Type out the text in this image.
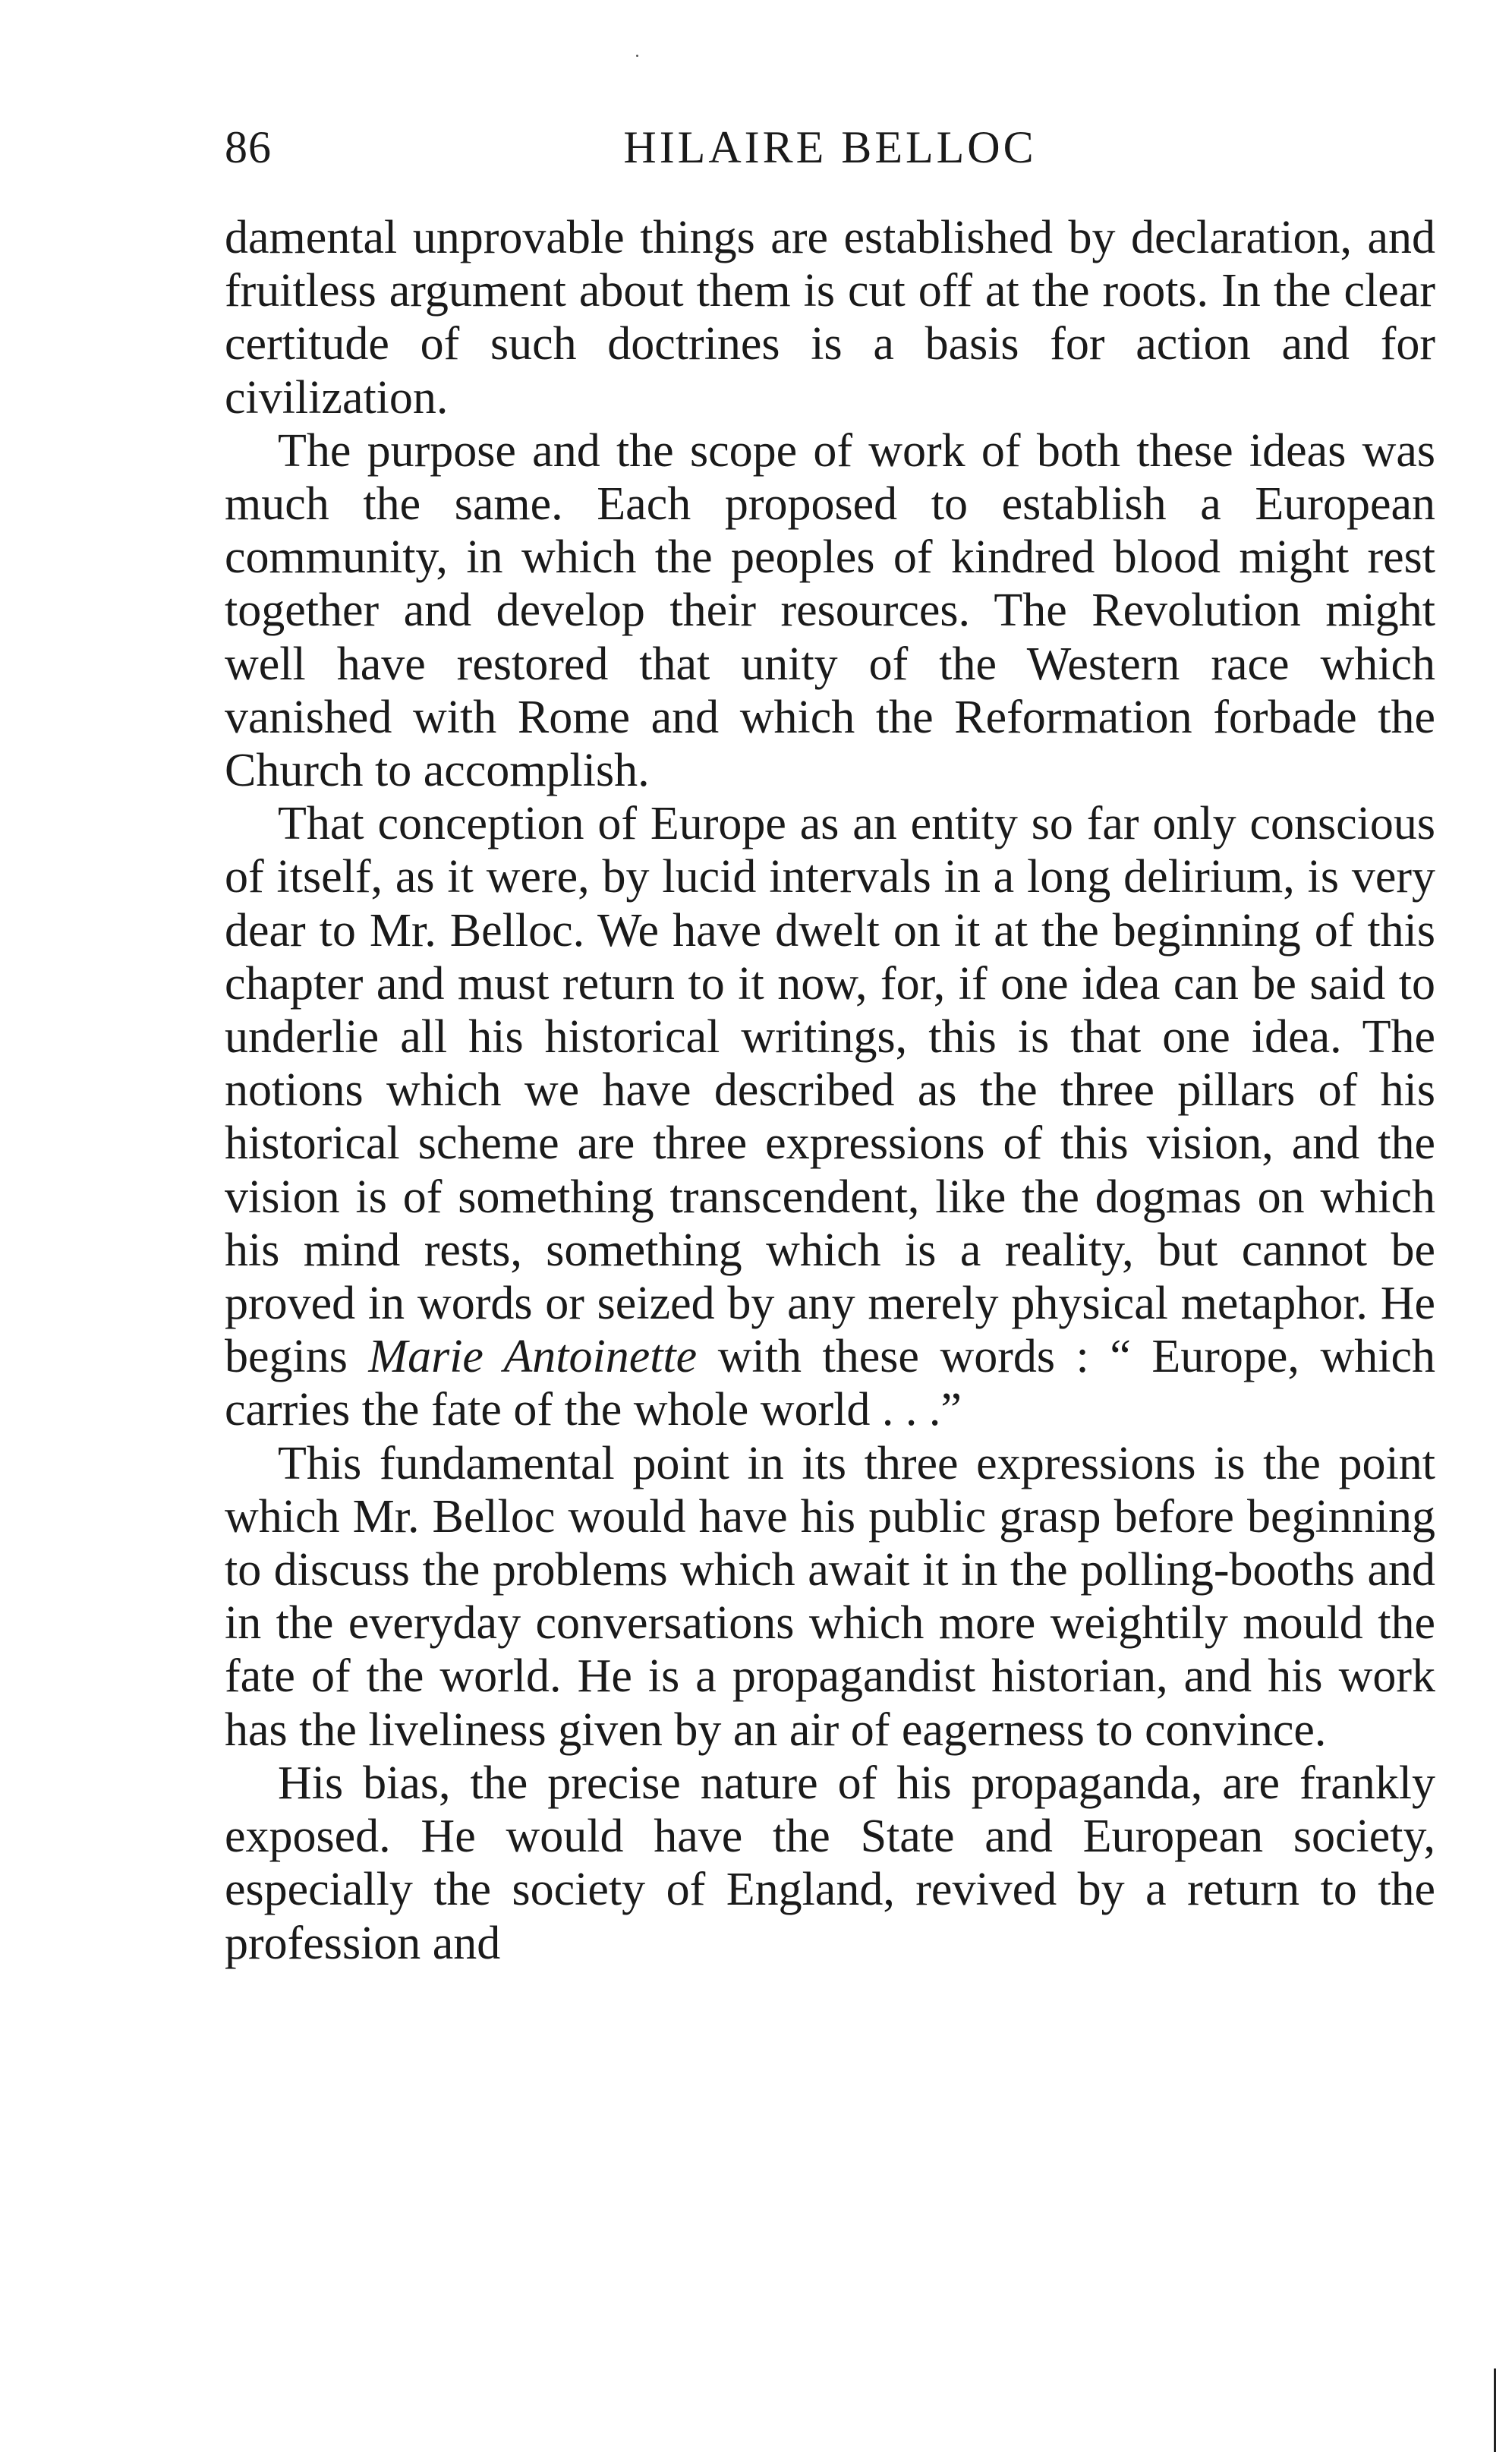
86	HILAIRE BELLOC

damental unprovable things are established by declaration, and fruitless argument about them is cut off at the roots. In the clear certitude of such doctrines is a basis for action and for civilization.

The purpose and the scope of work of both these ideas was much the same. Each proposed to establish a European community, in which the peoples of kindred blood might rest together and develop their resources. The Revolution might well have restored that unity of the Western race which vanished with Rome and which the Reformation forbade the Church to accomplish.

That conception of Europe as an entity so far only conscious of itself, as it were, by lucid intervals in a long delirium, is very dear to Mr. Belloc. We have dwelt on it at the beginning of this chapter and must return to it now, for, if one idea can be said to underlie all his historical writings, this is that one idea. The notions which we have described as the three pillars of his historical scheme are three expressions of this vision, and the vision is of something transcendent, like the dogmas on which his mind rests, something which is a reality, but cannot be proved in words or seized by any merely physical metaphor. He begins Marie Antoinette with these words : “ Europe, which carries the fate of the whole world . . .”

This fundamental point in its three expressions is the point which Mr. Belloc would have his public grasp before beginning to discuss the problems which await it in the polling-booths and in the everyday conversations which more weightily mould the fate of the world. He is a propagandist historian, and his work has the liveliness given by an air of eagerness to convince.

His bias, the precise nature of his propaganda, are frankly exposed. He would have the State and European society, especially the society of England, revived by a return to the profession and
